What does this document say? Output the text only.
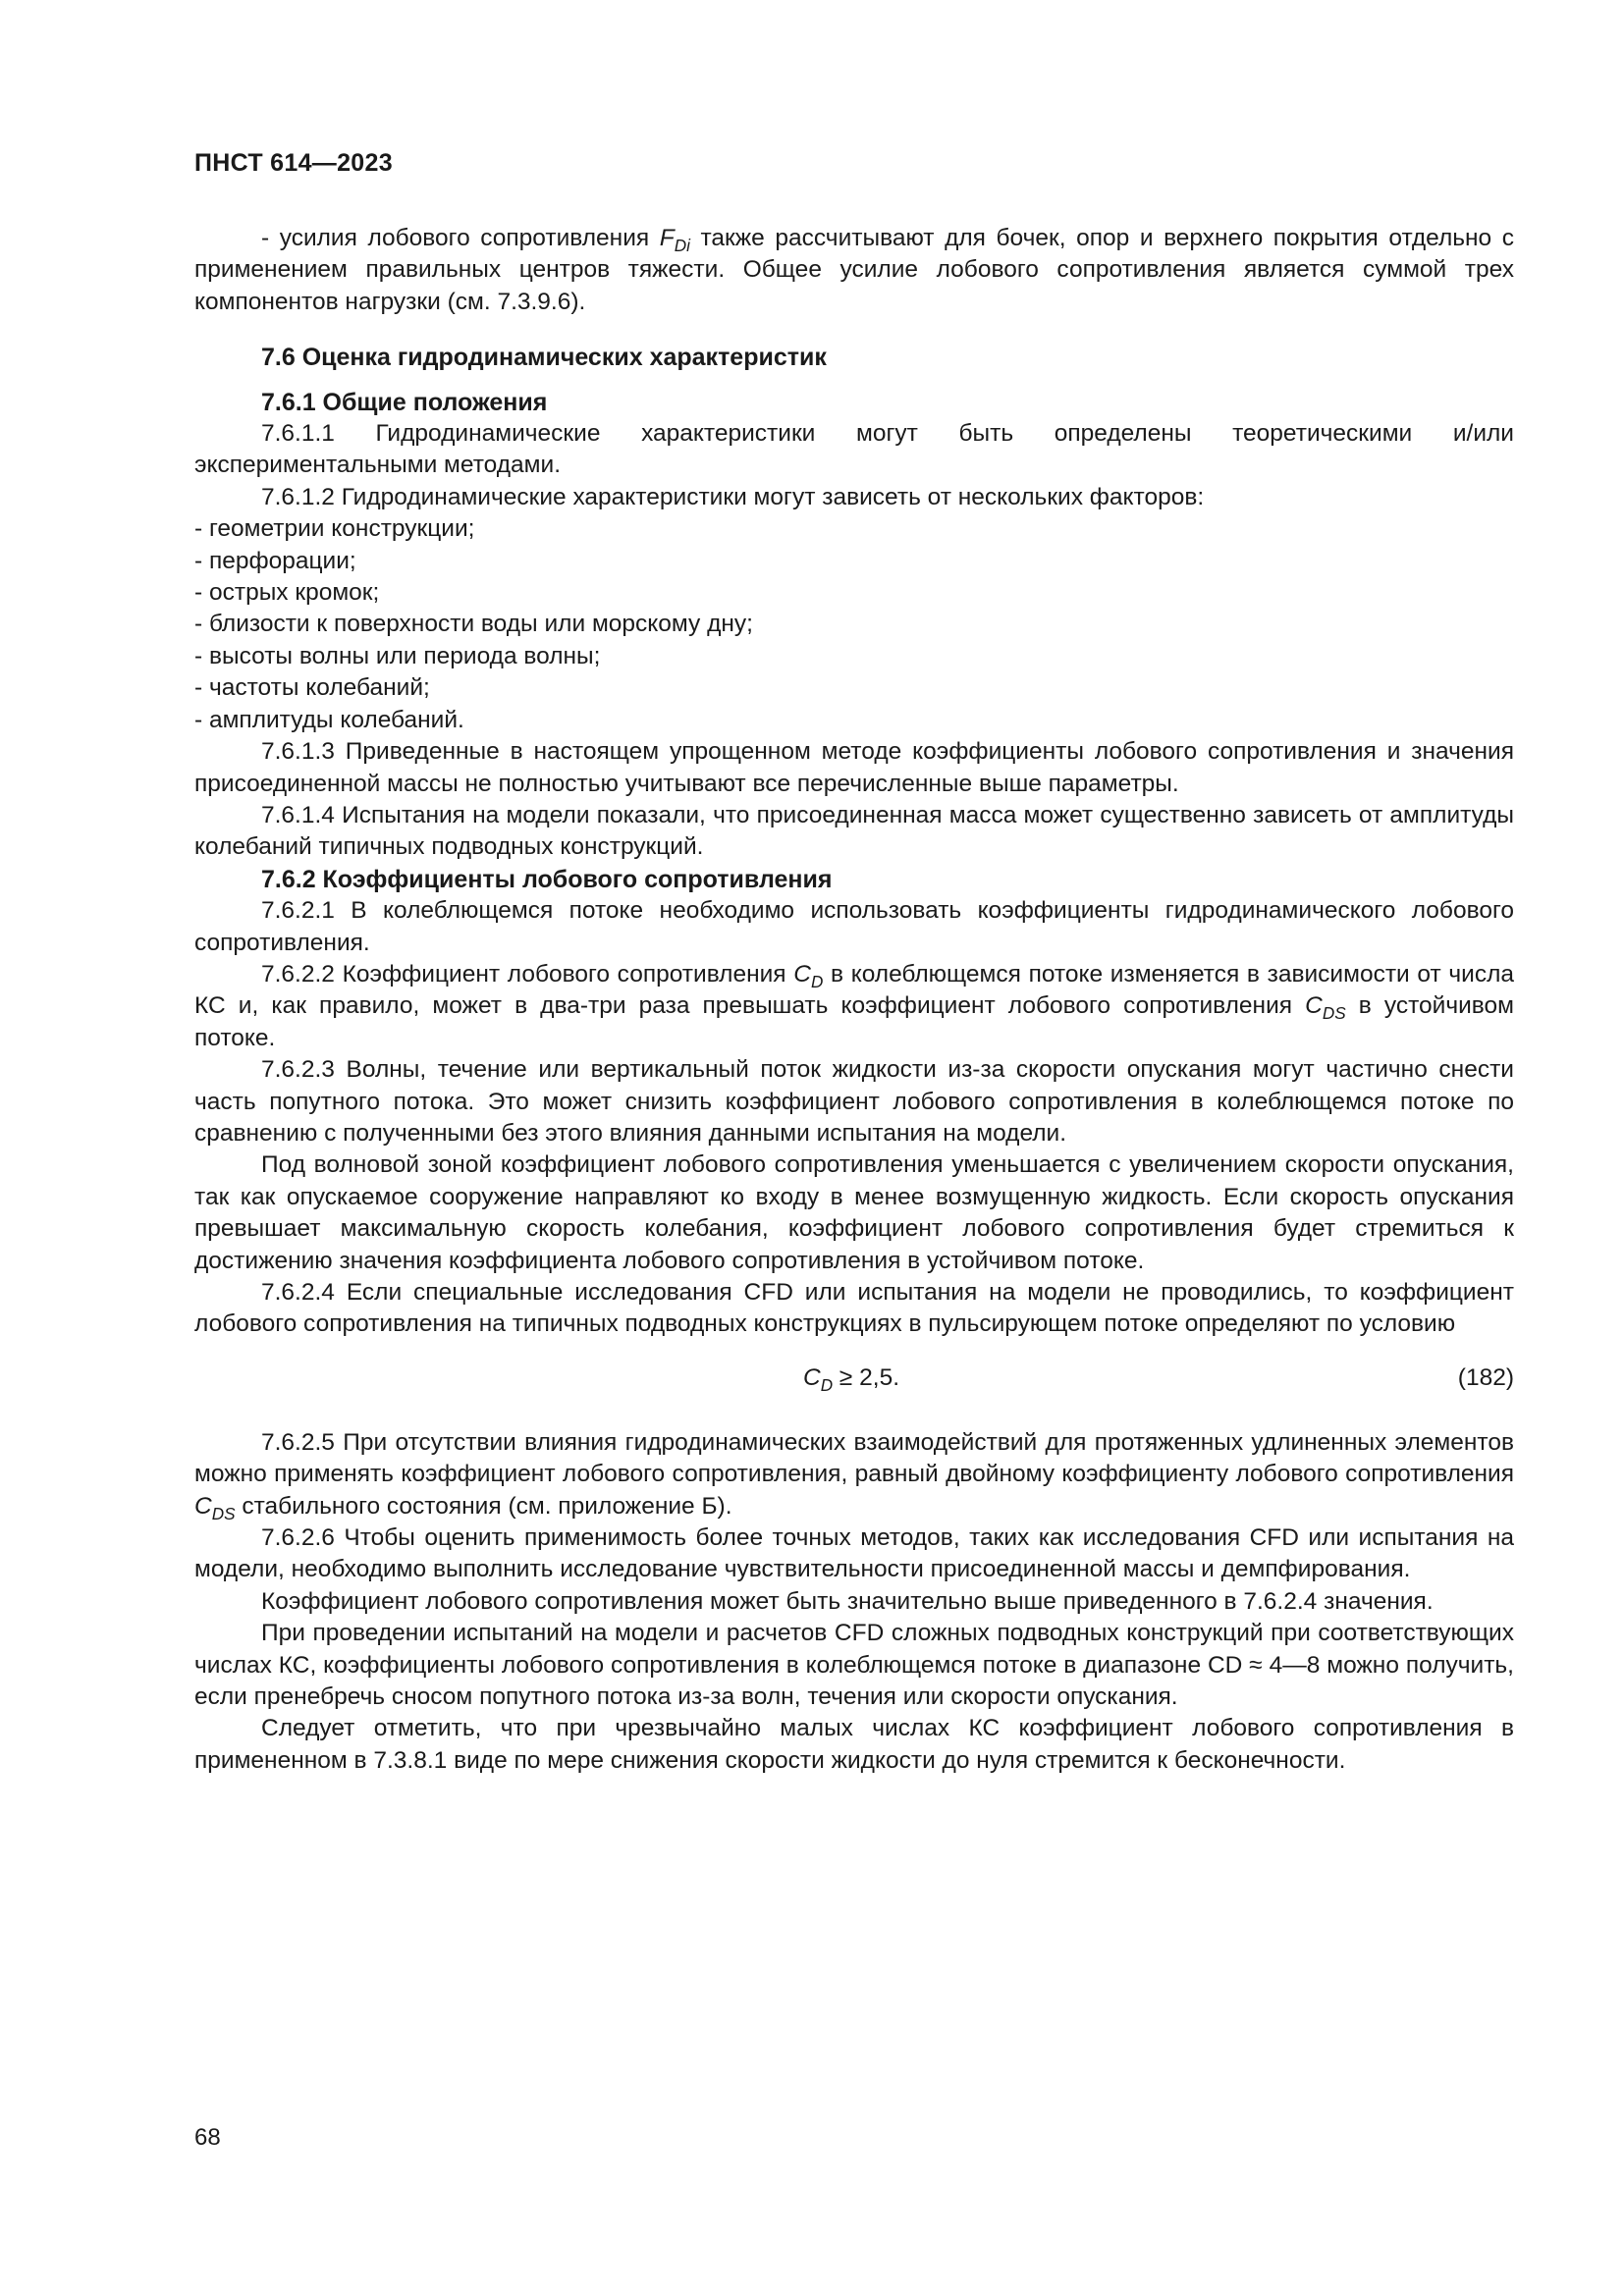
ПНСТ 614—2023

- усилия лобового сопротивления $F_{Di}$ также рассчитывают для бочек, опор и верхнего покрытия отдельно с применением правильных центров тяжести. Общее усилие лобового сопротивления является суммой трех компонентов нагрузки (см. 7.3.9.6).

7.6 Оценка гидродинамических характеристик
7.6.1 Общие положения

7.6.1.1 Гидродинамические характеристики могут быть определены теоретическими и/или экспериментальными методами.

7.6.1.2 Гидродинамические характеристики могут зависеть от нескольких факторов:

- геометрии конструкции;

- перфорации;

- острых кромок;

- близости к поверхности воды или морскому дну;

- высоты волны или периода волны;

- частоты колебаний;

- амплитуды колебаний.

7.6.1.3 Приведенные в настоящем упрощенном методе коэффициенты лобового сопротивления и значения присоединенной массы не полностью учитывают все перечисленные выше параметры.

7.6.1.4 Испытания на модели показали, что присоединенная масса может существенно зависеть от амплитуды колебаний типичных подводных конструкций.

7.6.2 Коэффициенты лобового сопротивления

7.6.2.1 В колеблющемся потоке необходимо использовать коэффициенты гидродинамического лобового сопротивления.

7.6.2.2 Коэффициент лобового сопротивления $C_D$ в колеблющемся потоке изменяется в зависимости от числа КС и, как правило, может в два-три раза превышать коэффициент лобового сопротивления $C_{DS}$ в устойчивом потоке.

7.6.2.3 Волны, течение или вертикальный поток жидкости из-за скорости опускания могут частично снести часть попутного потока. Это может снизить коэффициент лобового сопротивления в колеблющемся потоке по сравнению с полученными без этого влияния данными испытания на модели.

Под волновой зоной коэффициент лобового сопротивления уменьшается с увеличением скорости опускания, так как опускаемое сооружение направляют ко входу в менее возмущенную жидкость. Если скорость опускания превышает максимальную скорость колебания, коэффициент лобового сопротивления будет стремиться к достижению значения коэффициента лобового сопротивления в устойчивом потоке.

7.6.2.4 Если специальные исследования CFD или испытания на модели не проводились, то коэффициент лобового сопротивления на типичных подводных конструкциях в пульсирующем потоке определяют по условию

$C_D \ge 2,5$.	(182)

7.6.2.5 При отсутствии влияния гидродинамических взаимодействий для протяженных удлиненных элементов можно применять коэффициент лобового сопротивления, равный двойному коэффициенту лобового сопротивления $C_{DS}$ стабильного состояния (см. приложение Б).

7.6.2.6 Чтобы оценить применимость более точных методов, таких как исследования CFD или испытания на модели, необходимо выполнить исследование чувствительности присоединенной массы и демпфирования.

Коэффициент лобового сопротивления может быть значительно выше приведенного в 7.6.2.4 значения.

При проведении испытаний на модели и расчетов CFD сложных подводных конструкций при соответствующих числах КС, коэффициенты лобового сопротивления в колеблющемся потоке в диапазоне CD ≈ 4—8 можно получить, если пренебречь сносом попутного потока из-за волн, течения или скорости опускания.

Следует отметить, что при чрезвычайно малых числах КС коэффициент лобового сопротивления в примененном в 7.3.8.1 виде по мере снижения скорости жидкости до нуля стремится к бесконечности.

68
